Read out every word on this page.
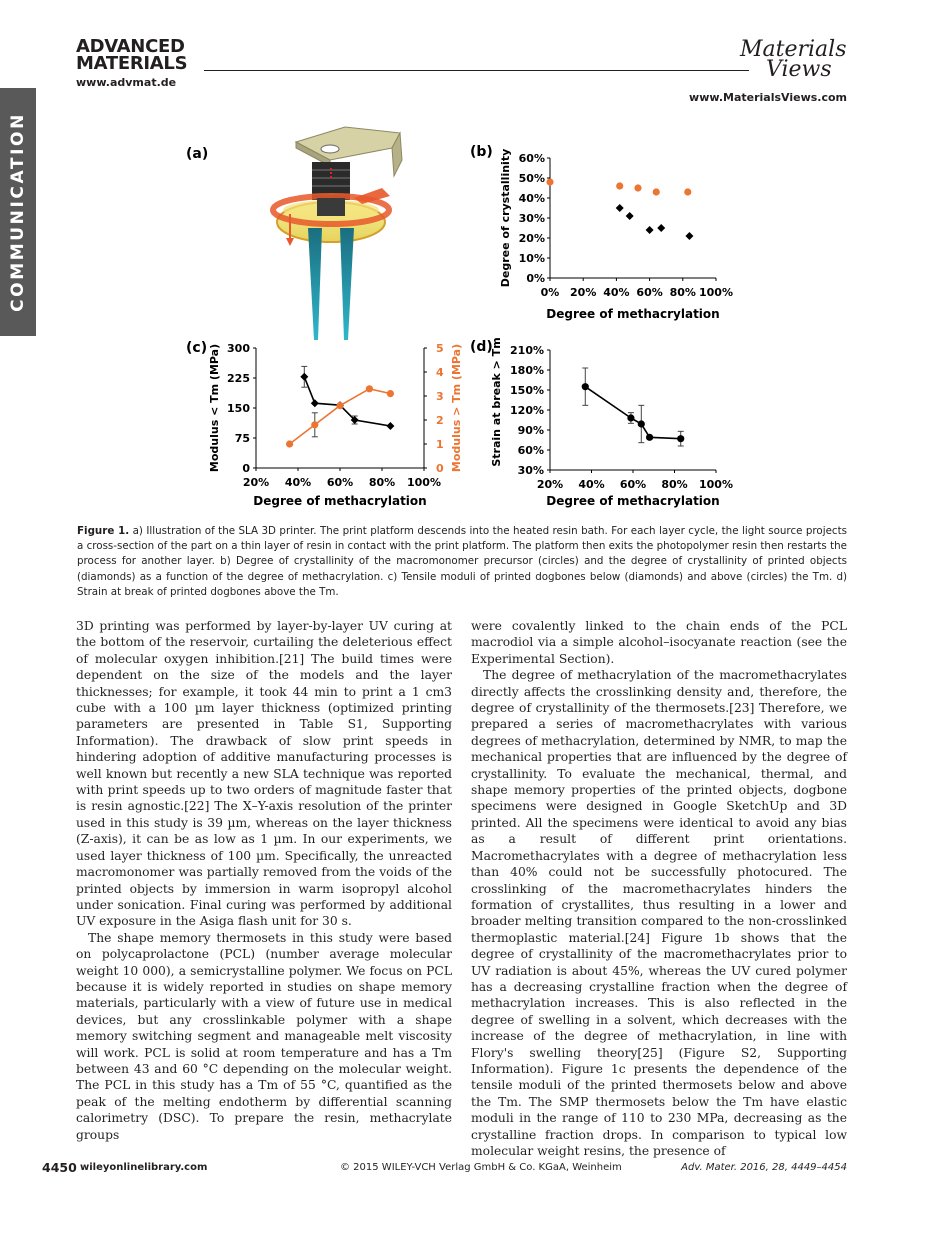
COMMUNICATION
ADVANCED
MATERIALS
www.advmat.de
Materials
Views
www.MaterialsViews.com
(a)	(b)
(c)	(d)
0%
10%
20%
30%
40%
50%
60%
0% 20% 40% 60% 80% 100%
Degree of crystallinity
Degree of methacrylation
0
75
150
225
300
0
1
2
3
4
5
20% 40% 60% 80% 100%
Modulus < Tm (MPa)	Modulus > Tm (MPa)
Degree of methacrylation
30%
60%
90%
120%
150%
180%
210%
20% 40% 60% 80% 100%
Strain at break > Tm
Degree of methacrylation
Figure 1. a) Illustration of the SLA 3D printer. The print platform descends into the heated resin bath. For each layer cycle, the light source projects a cross-section of the part on a thin layer of resin in contact with the print platform. The platform then exits the photopolymer resin then restarts the process for another layer. b) Degree of crystallinity of the macromonomer precursor (circles) and the degree of crystallinity of printed objects (diamonds) as a function of the degree of methacrylation. c) Tensile moduli of printed dogbones below (diamonds) and above (circles) the Tm. d) Strain at break of printed dogbones above the Tm.

3D printing was performed by layer-by-layer UV curing at the bottom of the reservoir, curtailing the deleterious effect of molecular oxygen inhibition.[21] The build times were dependent on the size of the models and the layer thicknesses; for example, it took 44 min to print a 1 cm3 cube with a 100 µm layer thickness (optimized printing parameters are presented in Table S1, Supporting Information). The drawback of slow print speeds in hindering adoption of additive manufacturing processes is well known but recently a new SLA technique was reported with print speeds up to two orders of magnitude faster that is resin agnostic.[22] The X–Y-axis resolution of the printer used in this study is 39 µm, whereas on the layer thickness (Z-axis), it can be as low as 1 µm. In our experiments, we used layer thickness of 100 µm. Specifically, the unreacted macromonomer was partially removed from the voids of the printed objects by immersion in warm isopropyl alcohol under sonication. Final curing was performed by additional UV exposure in the Asiga flash unit for 30 s.

The shape memory thermosets in this study were based on polycaprolactone (PCL) (number average molecular weight 10 000), a semicrystalline polymer. We focus on PCL because it is widely reported in studies on shape memory materials, particularly with a view of future use in medical devices, but any crosslinkable polymer with a shape memory switching segment and manageable melt viscosity will work. PCL is solid at room temperature and has a Tm between 43 and 60 °C depending on the molecular weight. The PCL in this study has a Tm of 55 °C, quantified as the peak of the melting endotherm by differential scanning calorimetry (DSC). To prepare the resin, methacrylate groups

were covalently linked to the chain ends of the PCL macrodiol via a simple alcohol–isocyanate reaction (see the Experimental Section).

The degree of methacrylation of the macromethacrylates directly affects the crosslinking density and, therefore, the degree of crystallinity of the thermosets.[23] Therefore, we prepared a series of macromethacrylates with various degrees of methacrylation, determined by NMR, to map the mechanical properties that are influenced by the degree of crystallinity. To evaluate the mechanical, thermal, and shape memory properties of the printed objects, dogbone specimens were designed in Google SketchUp and 3D printed. All the specimens were identical to avoid any bias as a result of different print orientations. Macromethacrylates with a degree of methacrylation less than 40% could not be successfully photocured. The crosslinking of the macromethacrylates hinders the formation of crystallites, thus resulting in a lower and broader melting transition compared to the non-crosslinked thermoplastic material.[24] Figure 1b shows that the degree of crystallinity of the macromethacrylates prior to UV radiation is about 45%, whereas the UV cured polymer has a decreasing crystalline fraction when the degree of methacrylation increases. This is also reflected in the degree of swelling in a solvent, which decreases with the increase of the degree of methacrylation, in line with Flory's swelling theory[25] (Figure S2, Supporting Information). Figure 1c presents the dependence of the tensile moduli of the printed thermosets below and above the Tm. The SMP thermosets below the Tm have elastic moduli in the range of 110 to 230 MPa, decreasing as the crystalline fraction drops. In comparison to typical low molecular weight resins, the presence of

4450 wileyonlinelibrary.com	© 2015 WILEY-VCH Verlag GmbH & Co. KGaA, Weinheim	Adv. Mater. 2016, 28, 4449–4454
